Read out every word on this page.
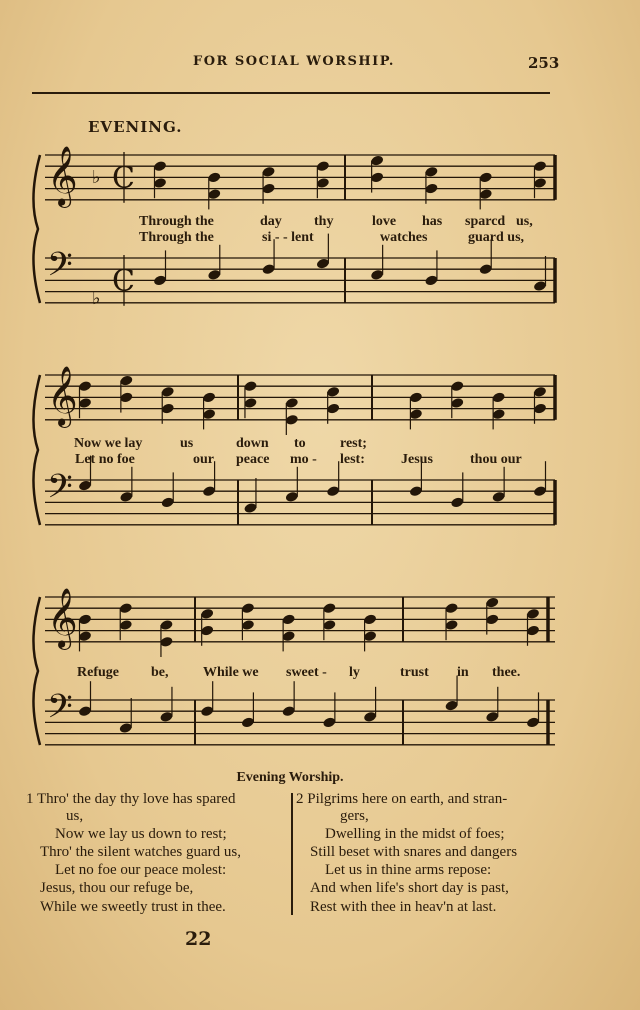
FOR SOCIAL WORSHIP.	253
EVENING.
𝄞 ♭ C
𝄢
♭ C
𝄞
𝄢
𝄞
𝄢
Through the	day thy	love has sparcd us,
Through the	si - - lent	watches	guard us,
Now we lay	us	down to rest;
Jesus	thou our
Let no foe	our peace mo - lest:
Refuge be, While we sweet - ly	trust in thee.
Evening Worship.
1 Thro' the day thy love has spared
us,
Now we lay us down to rest;
Thro' the silent watches guard us,
Let no foe our peace molest:
Jesus, thou our refuge be,
While we sweetly trust in thee.
2 Pilgrims here on earth, and stran-
gers,
Dwelling in the midst of foes;
Still beset with snares and dangers
Let us in thine arms repose:
And when life's short day is past,
Rest with thee in heav'n at last.
22
